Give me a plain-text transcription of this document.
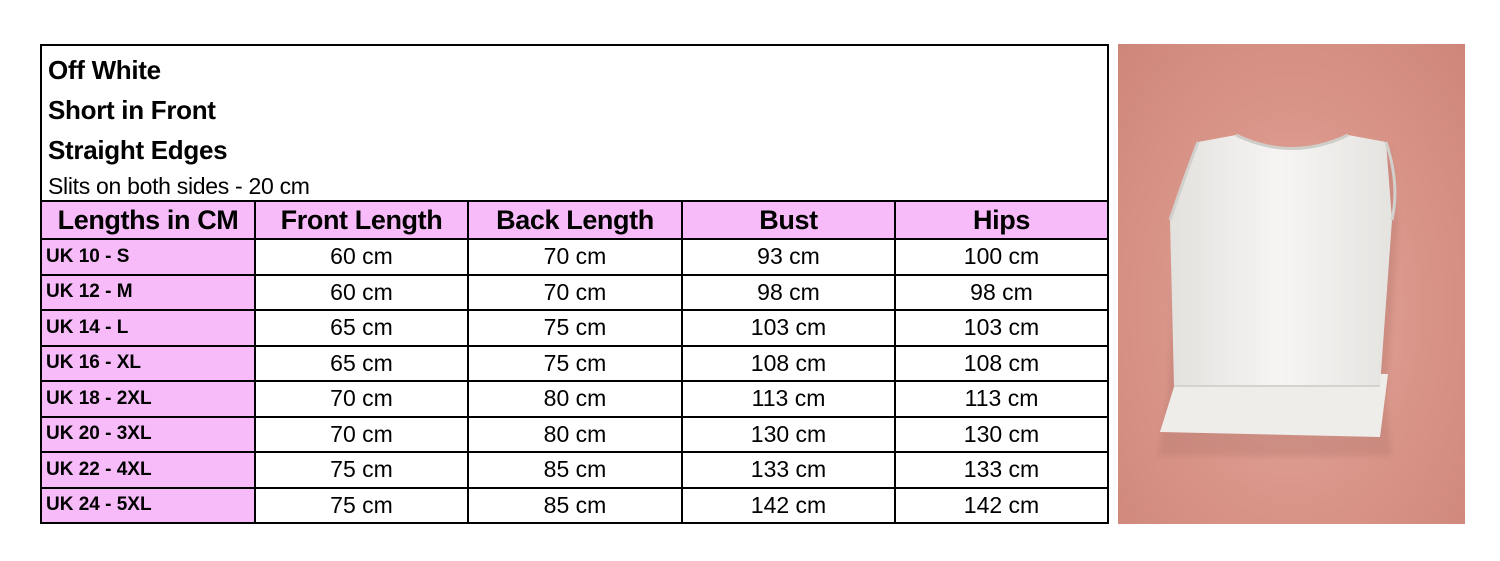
Off White
Short in Front
Straight Edges
Slits on both sides - 20 cm
Lengths in CM	Front Length	Back Length	Bust	Hips
UK 10 - S	60 cm	70 cm	93 cm	100 cm
UK 12 - M	60 cm	70 cm	98 cm	98 cm
UK 14 - L	65 cm	75 cm	103 cm	103 cm
UK 16 - XL	65 cm	75 cm	108 cm	108 cm
UK 18 - 2XL	70 cm	80 cm	113 cm	113 cm
UK 20 - 3XL	70 cm	80 cm	130 cm	130 cm
UK 22 - 4XL	75 cm	85 cm	133 cm	133 cm
UK 24 - 5XL	75 cm	85 cm	142 cm	142 cm
